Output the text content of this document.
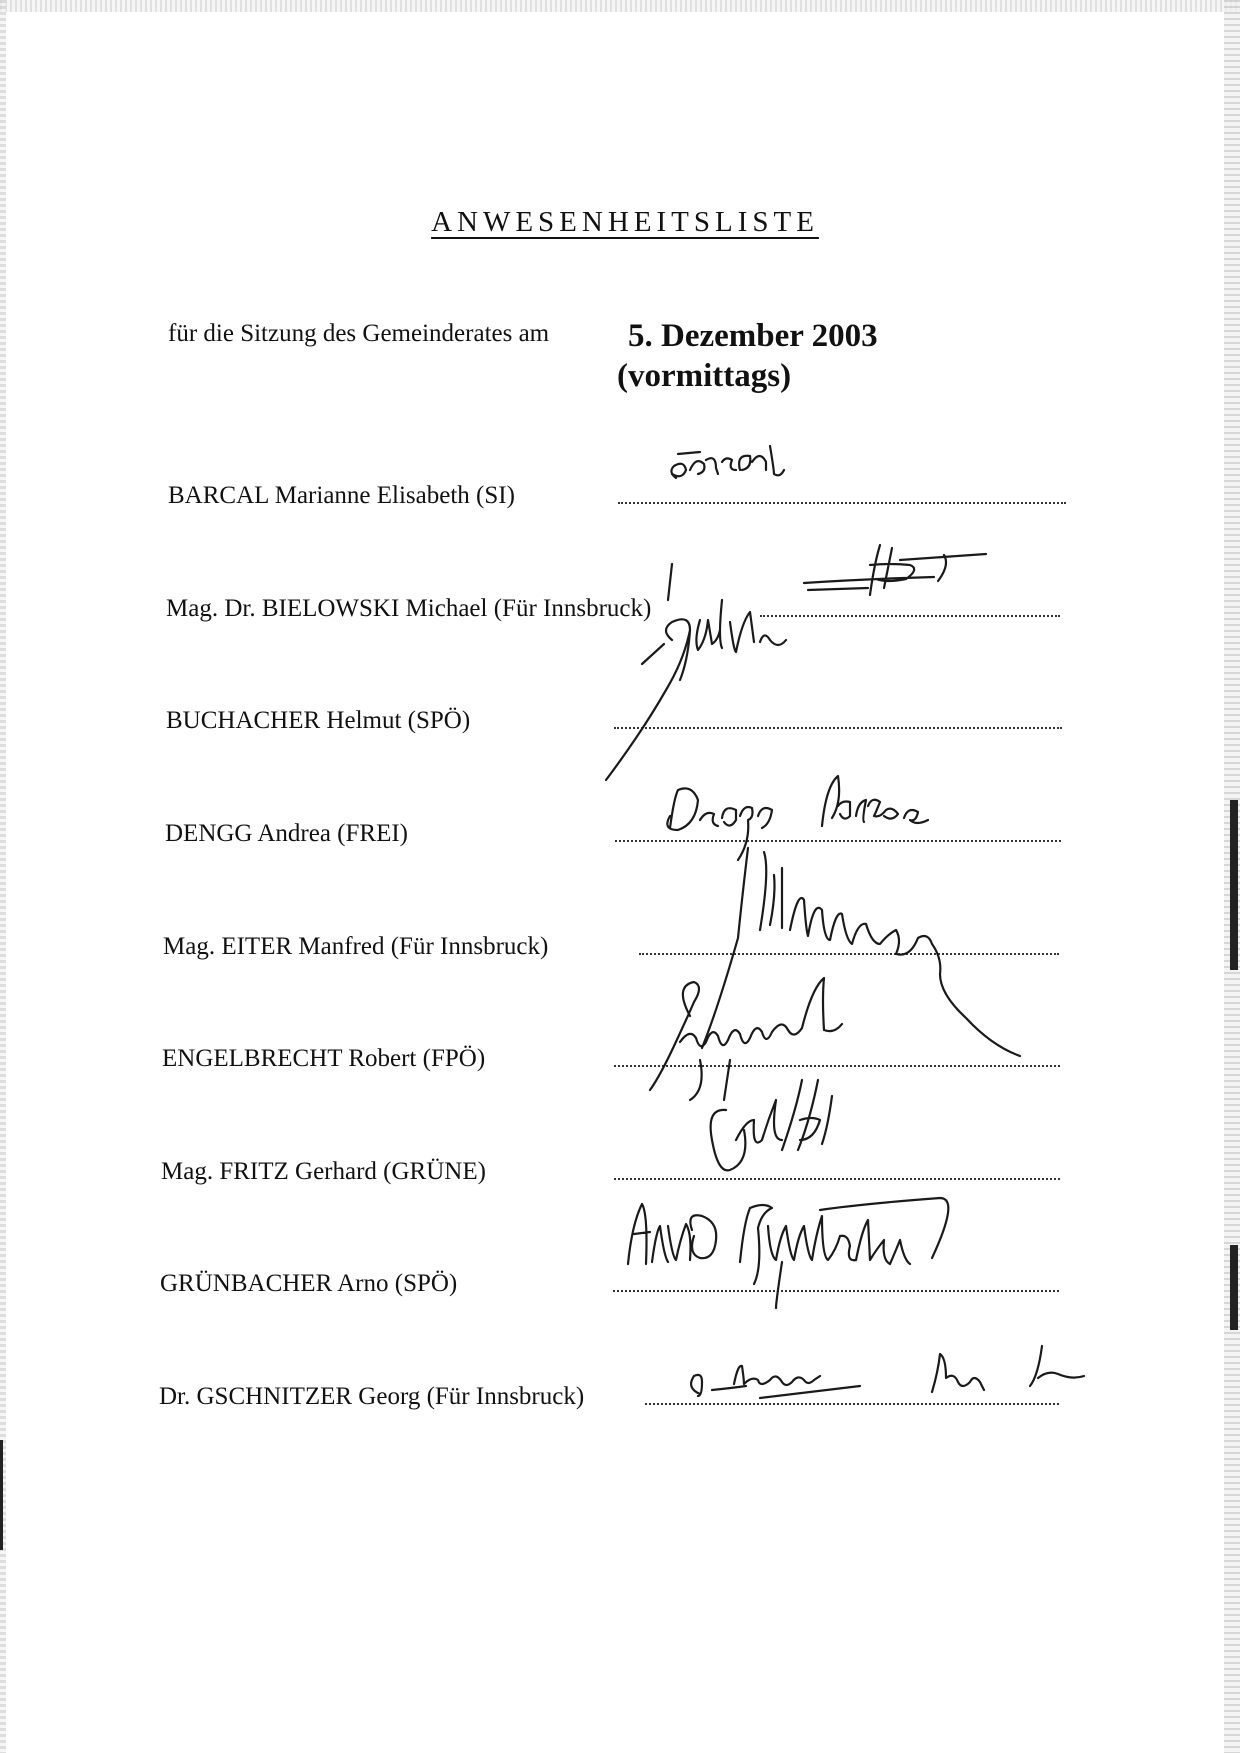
ANWESENHEITSLISTE
für die Sitzung des Gemeinderates am 5. Dezember 2003
(vormittags)
BARCAL Marianne Elisabeth (SI)
Mag. Dr. BIELOWSKI Michael (Für Innsbruck)
BUCHACHER Helmut (SPÖ)
DENGG Andrea (FREI)
Mag. EITER Manfred (Für Innsbruck)
ENGELBRECHT Robert (FPÖ)
Mag. FRITZ Gerhard (GRÜNE)
GRÜNBACHER Arno (SPÖ)
Dr. GSCHNITZER Georg (Für Innsbruck)
